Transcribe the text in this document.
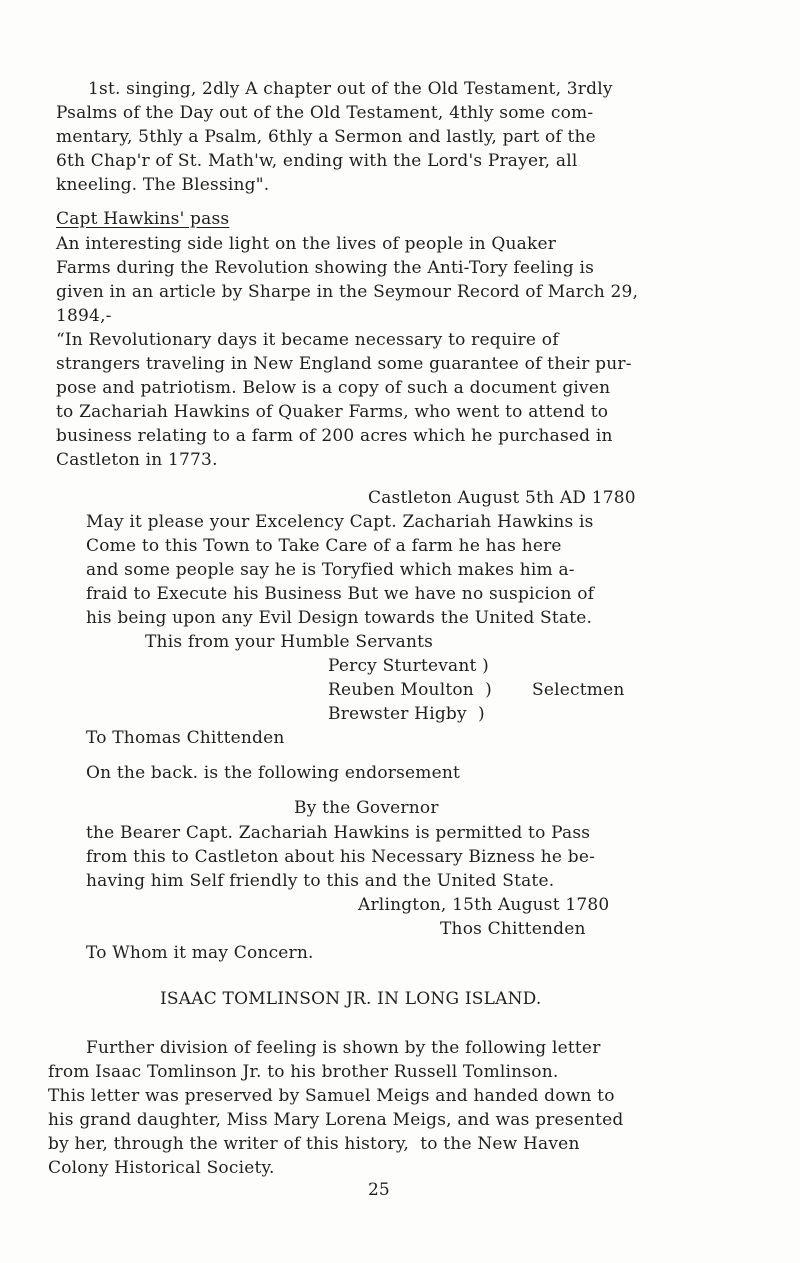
1st. singing, 2dly A chapter out of the Old Testament, 3rdly
Psalms of the Day out of the Old Testament, 4thly some com-
mentary, 5thly a Psalm, 6thly a Sermon and lastly, part of the
6th Chap'r of St. Math'w, ending with the Lord's Prayer, all
kneeling. The Blessing".
Capt Hawkins' pass
An interesting side light on the lives of people in Quaker
Farms during the Revolution showing the Anti-Tory feeling is
given in an article by Sharpe in the Seymour Record of March 29,
1894,-
“In Revolutionary days it became necessary to require of
strangers traveling in New England some guarantee of their pur-
pose and patriotism. Below is a copy of such a document given
to Zachariah Hawkins of Quaker Farms, who went to attend to
business relating to a farm of 200 acres which he purchased in
Castleton in 1773.
Castleton August 5th AD 1780
May it please your Excelency Capt. Zachariah Hawkins is
Come to this Town to Take Care of a farm he has here
and some people say he is Toryfied which makes him a-
fraid to Execute his Business But we have no suspicion of
his being upon any Evil Design towards the United State.
This from your Humble Servants
Percy Sturtevant )
Reuben Moulton  ) Selectmen
Brewster Higby  )
To Thomas Chittenden
On the back. is the following endorsement
By the Governor
the Bearer Capt. Zachariah Hawkins is permitted to Pass
from this to Castleton about his Necessary Bizness he be-
having him Self friendly to this and the United State.
Arlington, 15th August 1780
Thos Chittenden
To Whom it may Concern.
ISAAC TOMLINSON JR. IN LONG ISLAND.
Further division of feeling is shown by the following letter
from Isaac Tomlinson Jr. to his brother Russell Tomlinson.
This letter was preserved by Samuel Meigs and handed down to
his grand daughter, Miss Mary Lorena Meigs, and was presented
by her, through the writer of this history,  to the New Haven
Colony Historical Society.
25
